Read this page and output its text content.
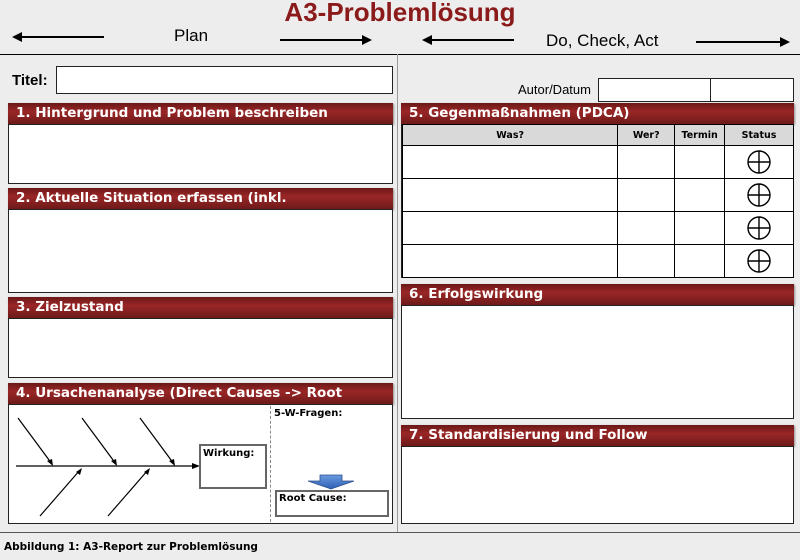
A3-Problemlösung
Plan	Do, Check, Act
Titel:
Autor/Datum
1. Hintergrund und Problem beschreiben
2. Aktuelle Situation erfassen (inkl.
3. Zielzustand
4. Ursachenanalyse (Direct Causes -> Root
Wirkung:
5-W-Fragen:
Root Cause:
5. Gegenmaßnahmen (PDCA)
Was?	Wer?	Termin	Status

6. Erfolgswirkung
7. Standardisierung und Follow
Abbildung 1: A3-Report zur Problemlösung
